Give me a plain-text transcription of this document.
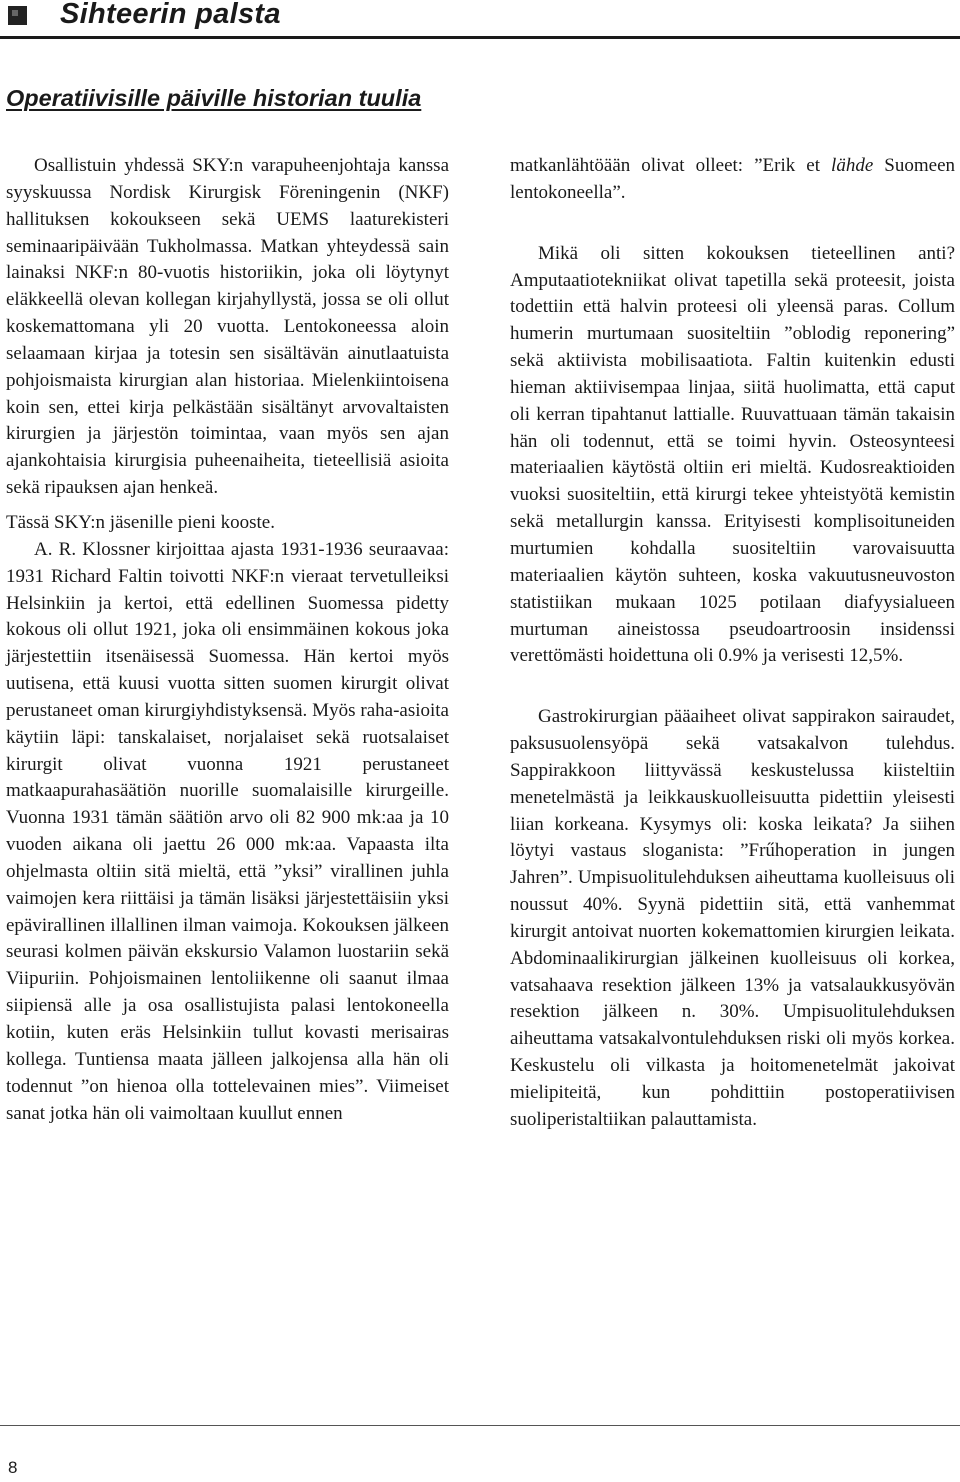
Sihteerin palsta
Operatiivisille päiville historian tuulia

Osallistuin yhdessä SKY:n varapuheenjohtaja kanssa syyskuussa Nordisk Kirurgisk Föreningenin (NKF) hallituksen kokoukseen sekä UEMS laaturekisteri seminaaripäivään Tukholmassa. Matkan yhteydessä sain lainaksi NKF:n 80-vuotis historiikin, joka oli löytynyt eläkkeellä olevan kollegan kirjahyllystä, jossa se oli ollut koskemattomana yli 20 vuotta. Lentokoneessa aloin selaamaan kirjaa ja totesin sen sisältävän ainutlaatuista pohjoismaista kirurgian alan historiaa. Mielenkiintoisena koin sen, ettei kirja pelkästään sisältänyt arvovaltaisten kirurgien ja järjestön toimintaa, vaan myös sen ajan ajankohtaisia kirurgisia puheenaiheita, tieteellisiä asioita sekä ripauksen ajan henkeä.

Tässä SKY:n jäsenille pieni kooste.

A. R. Klossner kirjoittaa ajasta 1931-1936 seuraavaa: 1931 Richard Faltin toivotti NKF:n vieraat tervetulleiksi Helsinkiin ja kertoi, että edellinen Suomessa pidetty kokous oli ollut 1921, joka oli ensimmäinen kokous joka järjestettiin itsenäisessä Suomessa. Hän kertoi myös uutisena, että kuusi vuotta sitten suomen kirurgit olivat perustaneet oman kirurgiyhdistyksensä. Myös raha-asioita käytiin läpi: tanskalaiset, norjalaiset sekä ruotsalaiset kirurgit olivat vuonna 1921 perustaneet matkaapurahasäätiön nuorille suomalaisille kirurgeille. Vuonna 1931 tämän säätiön arvo oli 82 900 mk:aa ja 10 vuoden aikana oli jaettu 26 000 mk:aa. Vapaasta ilta ohjelmasta oltiin sitä mieltä, että ”yksi” virallinen juhla vaimojen kera riittäisi ja tämän lisäksi järjestettäisiin yksi epävirallinen illallinen ilman vaimoja. Kokouksen jälkeen seurasi kolmen päivän ekskursio Valamon luostariin sekä Viipuriin. Pohjoismainen lentoliikenne oli saanut ilmaa siipiensä alle ja osa osallistujista palasi lentokoneella kotiin, kuten eräs Helsinkiin tullut kovasti merisairas kollega. Tuntiensa maata jälleen jalkojensa alla hän oli todennut ”on hienoa olla tottelevainen mies”. Viimeiset sanat jotka hän oli vaimoltaan kuullut ennen

matkanlähtöään olivat olleet: ”Erik et lähde Suomeen lentokoneella”.

Mikä oli sitten kokouksen tieteellinen anti? Amputaatiotekniikat olivat tapetilla sekä proteesit, joista todettiin että halvin proteesi oli yleensä paras. Collum humerin murtumaan suositeltiin ”oblodig reponering” sekä aktiivista mobilisaatiota. Faltin kuitenkin edusti hieman aktiivisempaa linjaa, siitä huolimatta, että caput oli kerran tipahtanut lattialle. Ruuvattuaan tämän takaisin hän oli todennut, että se toimi hyvin. Osteosynteesi materiaalien käytöstä oltiin eri mieltä. Kudosreaktioiden vuoksi suositeltiin, että kirurgi tekee yhteistyötä kemistin sekä metallurgin kanssa. Erityisesti komplisoituneiden murtumien kohdalla suositeltiin varovaisuutta materiaalien käytön suhteen, koska vakuutusneuvoston statistiikan mukaan 1025 potilaan diafyysialueen murtuman aineistossa pseudoartroosin insidenssi verettömästi hoidettuna oli 0.9% ja verisesti 12,5%.

Gastrokirurgian pääaiheet olivat sappirakon sairaudet, paksusuolensyöpä sekä vatsakalvon tulehdus. Sappirakkoon liittyvässä keskustelussa kiisteltiin menetelmästä ja leikkauskuolleisuutta pidettiin yleisesti liian korkeana. Kysymys oli: koska leikata? Ja siihen löytyi vastaus sloganista: ”Frűhoperation in jungen Jahren”. Umpisuolitulehduksen aiheuttama kuolleisuus oli noussut 40%. Syynä pidettiin sitä, että vanhemmat kirurgit antoivat nuorten kokemattomien kirurgien leikata. Abdominaalikirurgian jälkeinen kuolleisuus oli korkea, vatsahaava resektion jälkeen 13% ja vatsalaukkusyövän resektion jälkeen n. 30%. Umpisuolitulehduksen aiheuttama vatsakalvontulehduksen riski oli myös korkea. Keskustelu oli vilkasta ja hoitomenetelmät jakoivat mielipiteitä, kun pohdittiin postoperatiivisen suoliperistaltiikan palauttamista.

8
